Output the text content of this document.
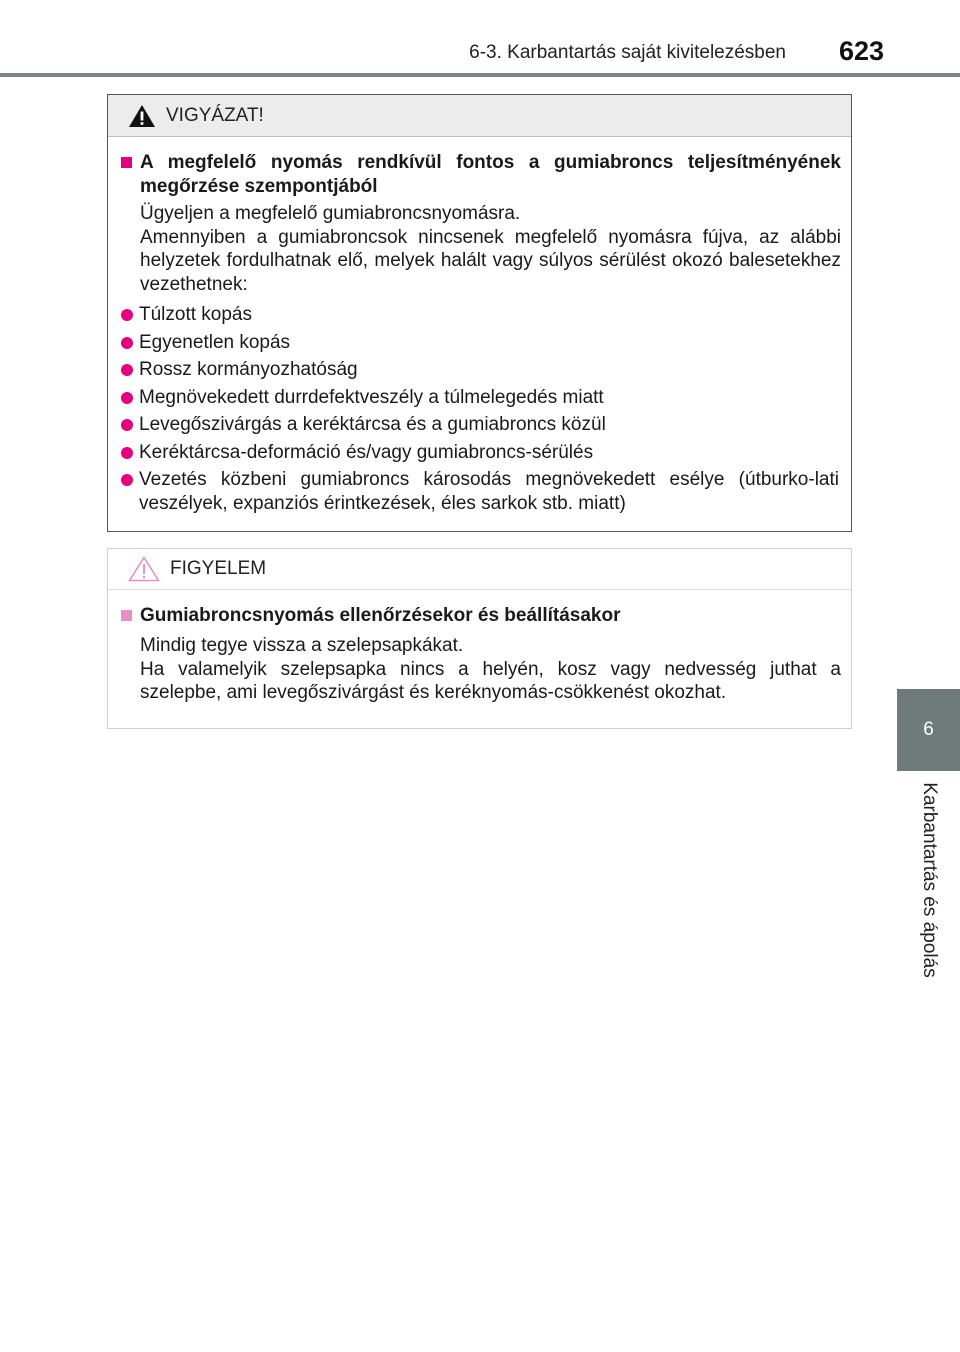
6-3. Karbantartás saját kivitelezésben 623
6
Karbantartás és ápolás
VIGYÁZAT!
A megfelelő nyomás rendkívül fontos a gumiabroncs teljesítményének megőrzése szempontjából
Ügyeljen a megfelelő gumiabroncsnyomásra.
Amennyiben a gumiabroncsok nincsenek megfelelő nyomásra fújva, az alábbi helyzetek fordulhatnak elő, melyek halált vagy súlyos sérülést okozó balesetekhez vezethetnek:
Túlzott kopás
Egyenetlen kopás
Rossz kormányozhatóság
Megnövekedett durrdefektveszély a túlmelegedés miatt
Levegőszivárgás a keréktárcsa és a gumiabroncs közül
Keréktárcsa-deformáció és/vagy gumiabroncs-sérülés
Vezetés közbeni gumiabroncs károsodás megnövekedett esélye (útburko-lati veszélyek, expanziós érintkezések, éles sarkok stb. miatt)
FIGYELEM
Gumiabroncsnyomás ellenőrzésekor és beállításakor
Mindig tegye vissza a szelepsapkákat.
Ha valamelyik szelepsapka nincs a helyén, kosz vagy nedvesség juthat a szelepbe, ami levegőszivárgást és keréknyomás-csökkenést okozhat.
